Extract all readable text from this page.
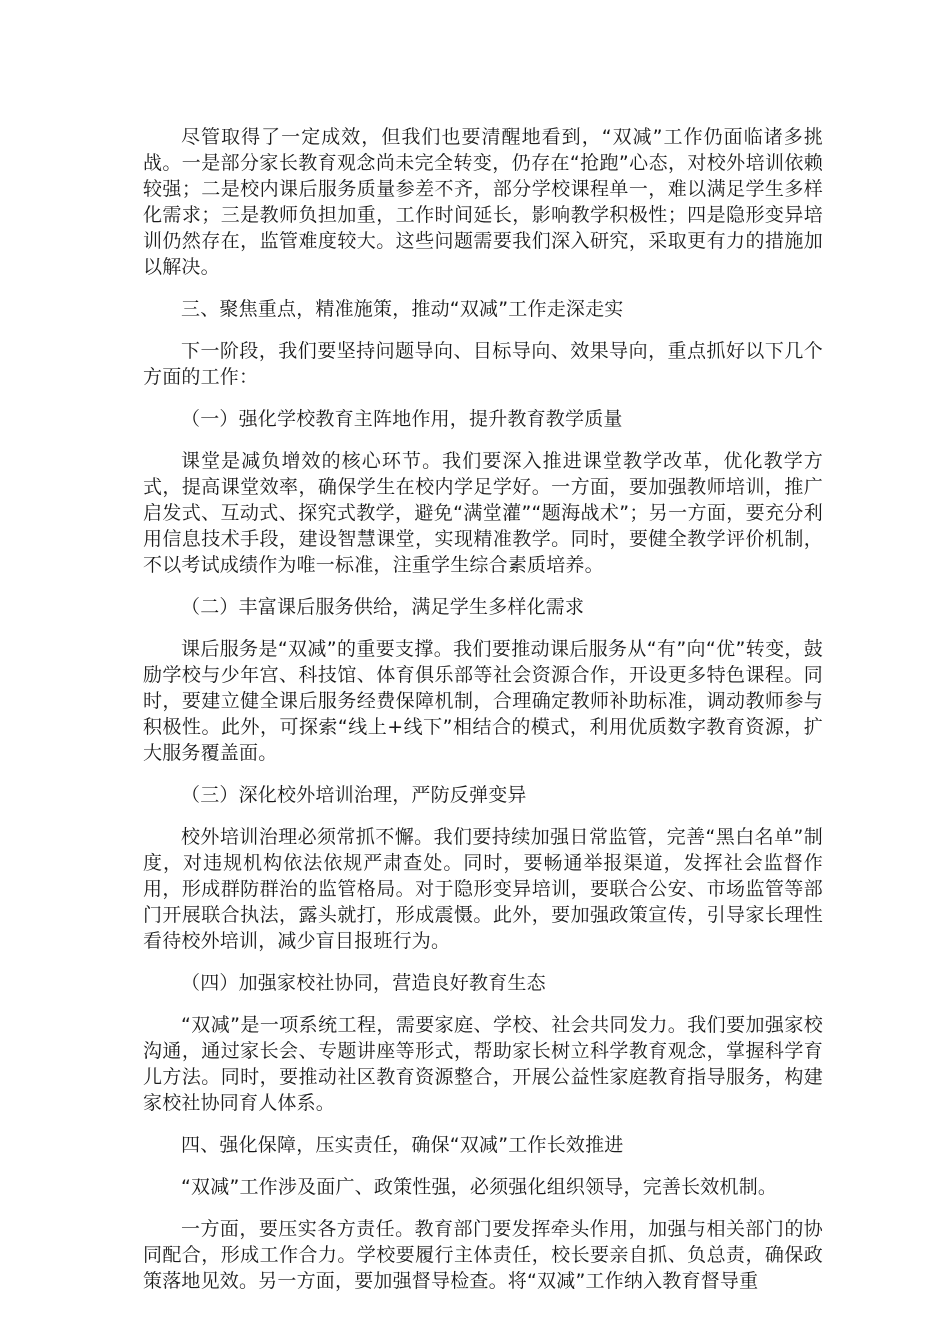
尽管取得了一定成效，但我们也要清醒地看到，“双减”工作仍面临诸多挑战。一是部分家长教育观念尚未完全转变，仍存在“抢跑”心态，对校外培训依赖较强；二是校内课后服务质量参差不齐，部分学校课程单一，难以满足学生多样化需求；三是教师负担加重，工作时间延长，影响教学积极性；四是隐形变异培训仍然存在，监管难度较大。这些问题需要我们深入研究，采取更有力的措施加以解决。

三、聚焦重点，精准施策，推动“双减”工作走深走实

下一阶段，我们要坚持问题导向、目标导向、效果导向，重点抓好以下几个方面的工作：

（一）强化学校教育主阵地作用，提升教育教学质量

课堂是减负增效的核心环节。我们要深入推进课堂教学改革，优化教学方式，提高课堂效率，确保学生在校内学足学好。一方面，要加强教师培训，推广启发式、互动式、探究式教学，避免“满堂灌”“题海战术”；另一方面，要充分利用信息技术手段，建设智慧课堂，实现精准教学。同时，要健全教学评价机制，不以考试成绩作为唯一标准，注重学生综合素质培养。

（二）丰富课后服务供给，满足学生多样化需求

课后服务是“双减”的重要支撑。我们要推动课后服务从“有”向“优”转变，鼓励学校与少年宫、科技馆、体育俱乐部等社会资源合作，开设更多特色课程。同时，要建立健全课后服务经费保障机制，合理确定教师补助标准，调动教师参与积极性。此外，可探索“线上+线下”相结合的模式，利用优质数字教育资源，扩大服务覆盖面。

（三）深化校外培训治理，严防反弹变异

校外培训治理必须常抓不懈。我们要持续加强日常监管，完善“黑白名单”制度，对违规机构依法依规严肃查处。同时，要畅通举报渠道，发挥社会监督作用，形成群防群治的监管格局。对于隐形变异培训，要联合公安、市场监管等部门开展联合执法，露头就打，形成震慑。此外，要加强政策宣传，引导家长理性看待校外培训，减少盲目报班行为。

（四）加强家校社协同，营造良好教育生态

“双减”是一项系统工程，需要家庭、学校、社会共同发力。我们要加强家校沟通，通过家长会、专题讲座等形式，帮助家长树立科学教育观念，掌握科学育儿方法。同时，要推动社区教育资源整合，开展公益性家庭教育指导服务，构建家校社协同育人体系。

四、强化保障，压实责任，确保“双减”工作长效推进

“双减”工作涉及面广、政策性强，必须强化组织领导，完善长效机制。

一方面，要压实各方责任。教育部门要发挥牵头作用，加强与相关部门的协同配合，形成工作合力。学校要履行主体责任，校长要亲自抓、负总责，确保政策落地见效。另一方面，要加强督导检查。将“双减”工作纳入教育督导重
